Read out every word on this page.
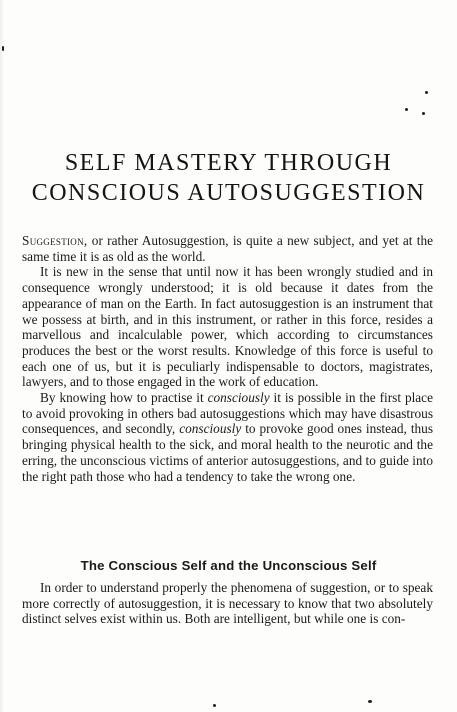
SELF MASTERY THROUGH
CONSCIOUS AUTOSUGGESTION

Suggestion, or rather Autosuggestion, is quite a new subject, and yet at the same time it is as old as the world.

It is new in the sense that until now it has been wrongly studied and in consequence wrongly understood; it is old because it dates from the appearance of man on the Earth. In fact autosuggestion is an instrument that we possess at birth, and in this instrument, or rather in this force, resides a marvellous and incalculable power, which according to circumstances produces the best or the worst results. Knowledge of this force is useful to each one of us, but it is peculiarly indispensable to doctors, magistrates, lawyers, and to those engaged in the work of education.

By knowing how to practise it consciously it is possible in the first place to avoid provoking in others bad autosuggestions which may have disastrous consequences, and secondly, consciously to provoke good ones instead, thus bringing physical health to the sick, and moral health to the neurotic and the erring, the unconscious victims of anterior autosuggestions, and to guide into the right path those who had a tendency to take the wrong one.

The Conscious Self and the Unconscious Self

In order to understand properly the phenomena of suggestion, or to speak more correctly of autosuggestion, it is necessary to know that two absolutely distinct selves exist within us. Both are intelligent, but while one is con-
